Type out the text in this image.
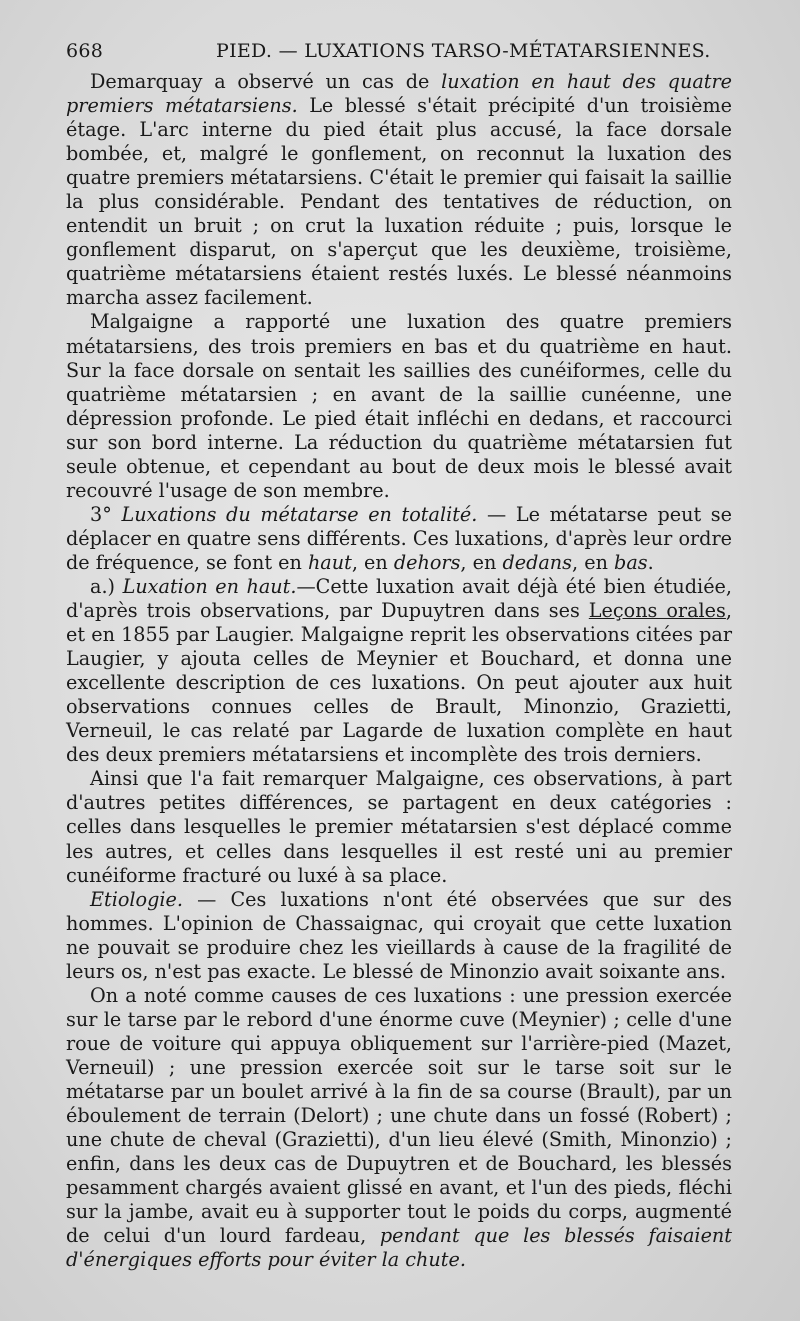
668	PIED. — LUXATIONS TARSO-MÉTATARSIENNES.

Demarquay a observé un cas de luxation en haut des quatre premiers métatarsiens. Le blessé s'était précipité d'un troisième étage. L'arc interne du pied était plus accusé, la face dorsale bombée, et, malgré le gonflement, on reconnut la luxation des quatre premiers métatarsiens. C'était le premier qui faisait la saillie la plus considérable. Pendant des tentatives de réduction, on entendit un bruit ; on crut la luxation réduite ; puis, lorsque le gonflement disparut, on s'aperçut que les deuxième, troisième, quatrième métatarsiens étaient restés luxés. Le blessé néanmoins marcha assez facilement.

Malgaigne a rapporté une luxation des quatre premiers métatarsiens, des trois premiers en bas et du quatrième en haut. Sur la face dorsale on sentait les saillies des cunéiformes, celle du quatrième métatarsien ; en avant de la saillie cunéenne, une dépression profonde. Le pied était infléchi en dedans, et raccourci sur son bord interne. La réduction du quatrième métatarsien fut seule obtenue, et cependant au bout de deux mois le blessé avait recouvré l'usage de son membre.

3° Luxations du métatarse en totalité. — Le métatarse peut se déplacer en quatre sens différents. Ces luxations, d'après leur ordre de fréquence, se font en haut, en dehors, en dedans, en bas.

a.) Luxation en haut.—Cette luxation avait déjà été bien étudiée, d'après trois observations, par Dupuytren dans ses Leçons orales, et en 1855 par Laugier. Malgaigne reprit les observations citées par Laugier, y ajouta celles de Meynier et Bouchard, et donna une excellente description de ces luxations. On peut ajouter aux huit observations connues celles de Brault, Minonzio, Grazietti, Verneuil, le cas relaté par Lagarde de luxation complète en haut des deux premiers métatarsiens et incomplète des trois derniers.

Ainsi que l'a fait remarquer Malgaigne, ces observations, à part d'autres petites différences, se partagent en deux catégories : celles dans lesquelles le premier métatarsien s'est déplacé comme les autres, et celles dans lesquelles il est resté uni au premier cunéiforme fracturé ou luxé à sa place.

Etiologie. — Ces luxations n'ont été observées que sur des hommes. L'opinion de Chassaignac, qui croyait que cette luxation ne pouvait se produire chez les vieillards à cause de la fragilité de leurs os, n'est pas exacte. Le blessé de Minonzio avait soixante ans.

On a noté comme causes de ces luxations : une pression exercée sur le tarse par le rebord d'une énorme cuve (Meynier) ; celle d'une roue de voiture qui appuya obliquement sur l'arrière-pied (Mazet, Verneuil) ; une pression exercée soit sur le tarse soit sur le métatarse par un boulet arrivé à la fin de sa course (Brault), par un éboulement de terrain (Delort) ; une chute dans un fossé (Robert) ; une chute de cheval (Grazietti), d'un lieu élevé (Smith, Minonzio) ; enfin, dans les deux cas de Dupuytren et de Bouchard, les blessés pesamment chargés avaient glissé en avant, et l'un des pieds, fléchi sur la jambe, avait eu à supporter tout le poids du corps, augmenté de celui d'un lourd fardeau, pendant que les blessés faisaient d'énergiques efforts pour éviter la chute.
